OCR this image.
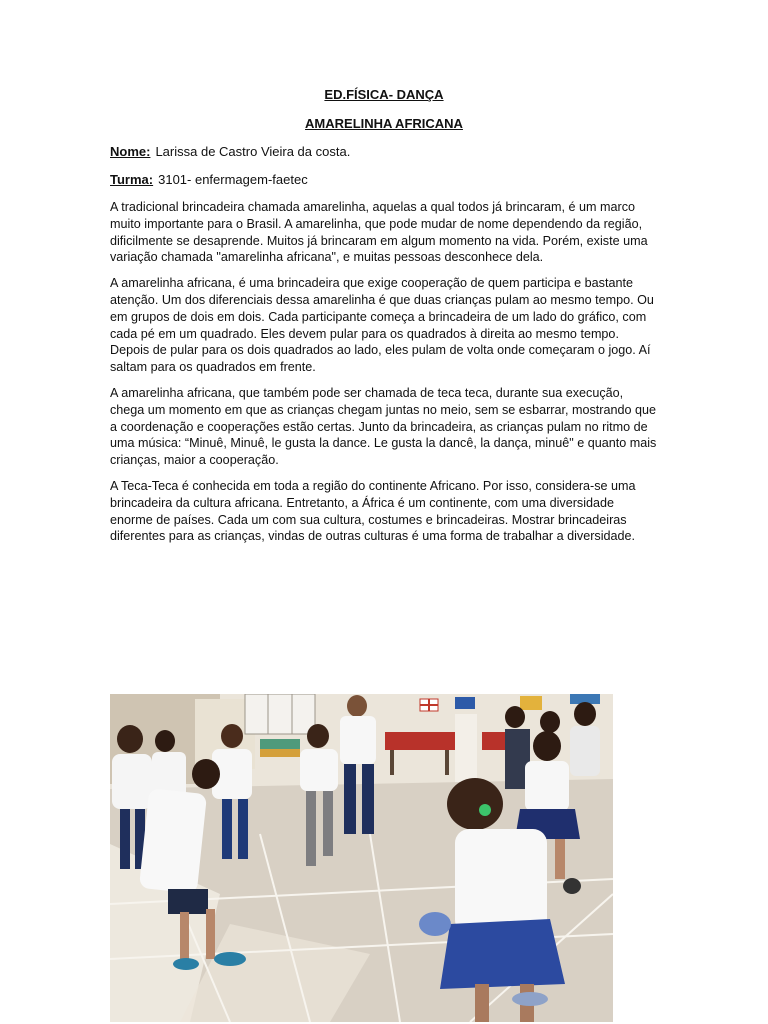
ED.FÍSICA- DANÇA

AMARELINHA AFRICANA

Nome: Larissa de Castro Vieira da costa.

Turma: 3101- enfermagem-faetec

A tradicional brincadeira chamada amarelinha, aquelas a qual todos já brincaram, é um marco muito importante para o Brasil. A amarelinha, que pode mudar de nome dependendo da região, dificilmente se desaprende. Muitos já brincaram em algum momento na vida. Porém, existe uma variação chamada "amarelinha africana", e muitas pessoas desconhece dela.

A amarelinha africana, é uma brincadeira que exige cooperação de quem participa e bastante atenção. Um dos diferenciais dessa amarelinha é que duas crianças pulam ao mesmo tempo. Ou em grupos de dois em dois. Cada participante começa a brincadeira de um lado do gráfico, com cada pé em um quadrado. Eles devem pular para os quadrados à direita ao mesmo tempo. Depois de pular para os dois quadrados ao lado, eles pulam de volta onde começaram o jogo. Aí saltam para os quadrados em frente.

A amarelinha africana, que também pode ser chamada de teca teca, durante sua execução, chega um momento em que as crianças chegam juntas no meio, sem se esbarrar, mostrando que a coordenação e cooperações estão certas. Junto da brincadeira, as crianças pulam no ritmo de uma música: “Minuê, Minuê, le gusta la dance. Le gusta la dancê, la dança, minuê" e quanto mais crianças, maior a cooperação.

A Teca-Teca é conhecida em toda a região do continente Africano. Por isso, considera-se uma brincadeira da cultura africana. Entretanto, a África é um continente, com uma diversidade enorme de países. Cada um com sua cultura, costumes e brincadeiras. Mostrar brincadeiras diferentes para as crianças, vindas de outras culturas é uma forma de trabalhar a diversidade.
